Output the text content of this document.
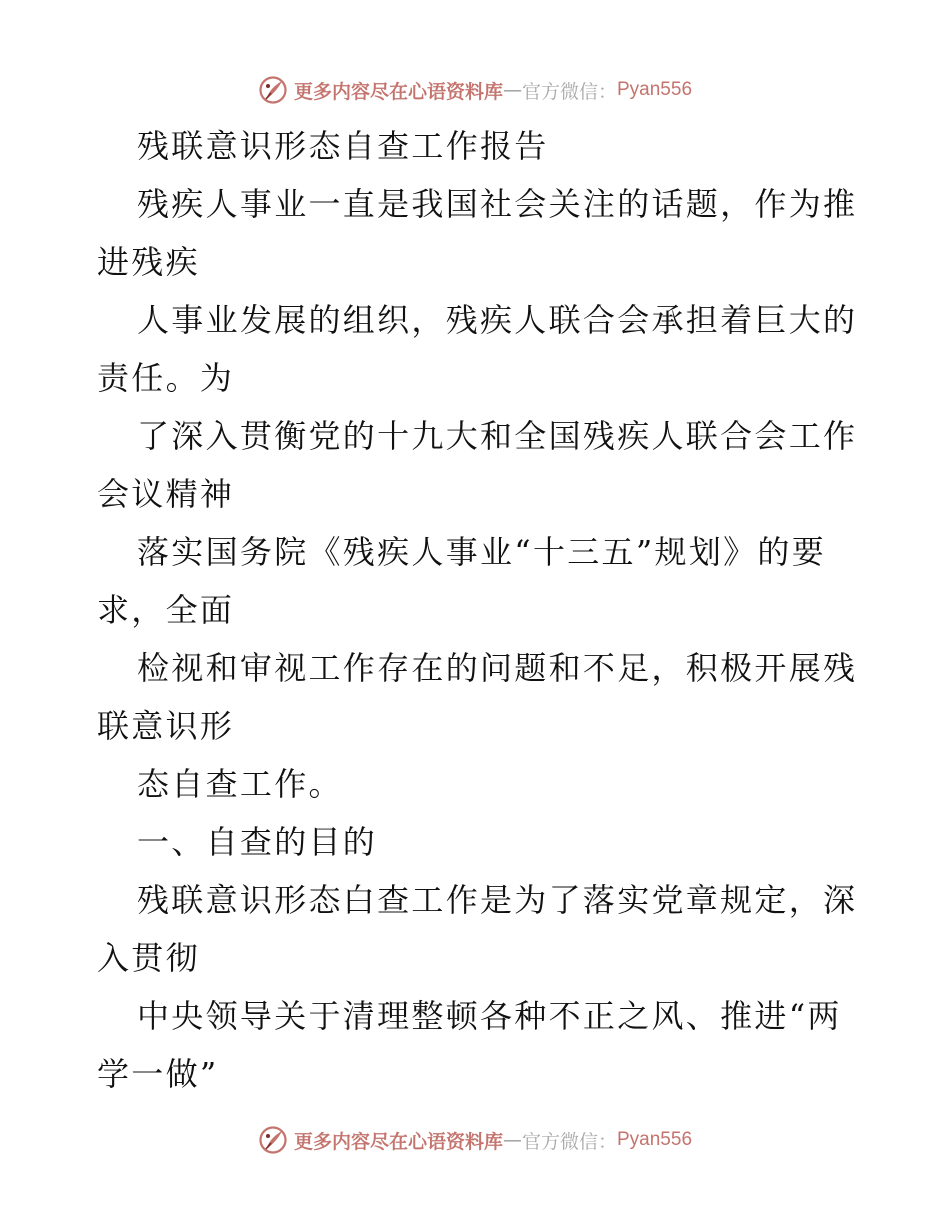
更多内容尽在心语资料库 — 官方微信： Pyan556
残联意识形态自查工作报告
残疾人事业一直是我国社会关注的话题，作为推
进残疾
人事业发展的组织，残疾人联合会承担着巨大的
责任。为
了深入贯衡党的十九大和全国残疾人联合会工作
会议精神
落实国务院《残疾人事业“十三五”规划》的要
求，全面
检视和审视工作存在的问题和不足，积极开展残
联意识形
态自查工作。
一、自查的目的
残联意识形态白查工作是为了落实党章规定，深
入贯彻
中央领导关于清理整顿各种不正之风、推进“两
学一做”
更多内容尽在心语资料库 — 官方微信： Pyan556
